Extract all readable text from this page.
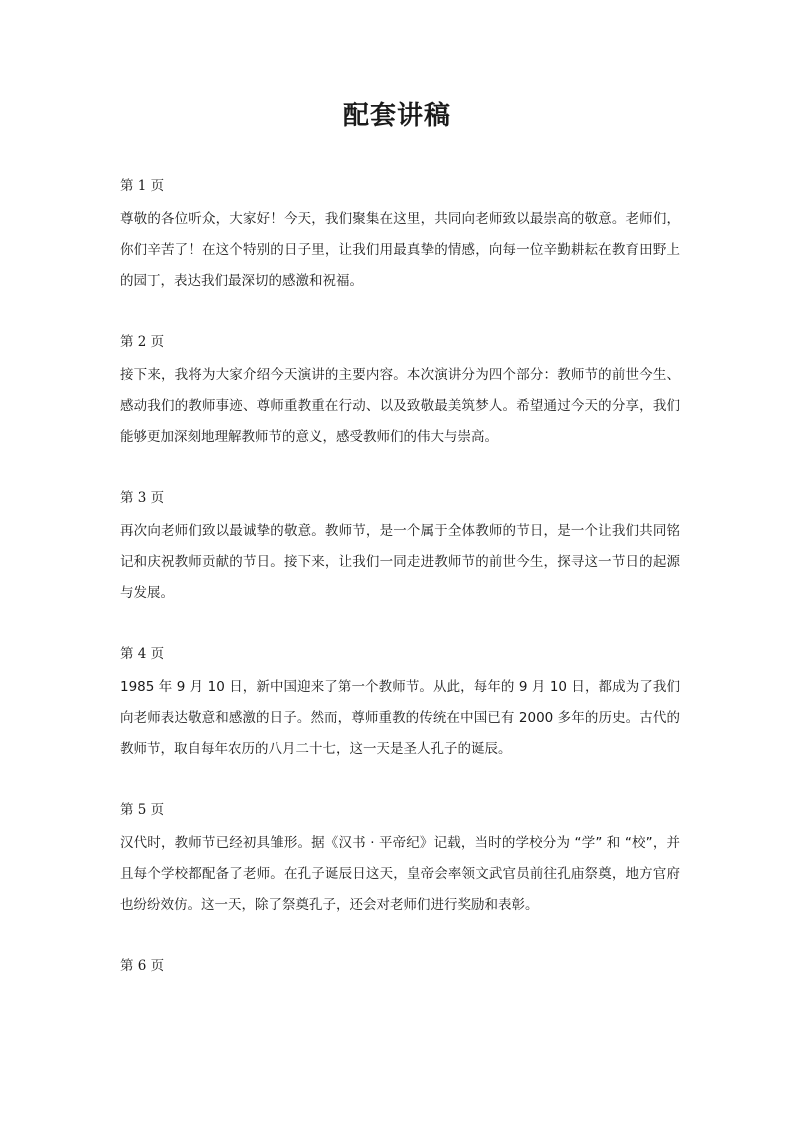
配套讲稿
第 1 页

尊敬的各位听众，大家好！今天，我们聚集在这里，共同向老师致以最崇高的敬意。老师们，你们辛苦了！在这个特别的日子里，让我们用最真挚的情感，向每一位辛勤耕耘在教育田野上的园丁，表达我们最深切的感激和祝福。

第 2 页

接下来，我将为大家介绍今天演讲的主要内容。本次演讲分为四个部分：教师节的前世今生、感动我们的教师事迹、尊师重教重在行动、以及致敬最美筑梦人。希望通过今天的分享，我们能够更加深刻地理解教师节的意义，感受教师们的伟大与崇高。

第 3 页

再次向老师们致以最诚挚的敬意。教师节，是一个属于全体教师的节日，是一个让我们共同铭记和庆祝教师贡献的节日。接下来，让我们一同走进教师节的前世今生，探寻这一节日的起源与发展。

第 4 页

1985 年 9 月 10 日，新中国迎来了第一个教师节。从此，每年的 9 月 10 日，都成为了我们向老师表达敬意和感激的日子。然而，尊师重教的传统在中国已有 2000 多年的历史。古代的教师节，取自每年农历的八月二十七，这一天是圣人孔子的诞辰。

第 5 页

汉代时，教师节已经初具雏形。据《汉书 · 平帝纪》记载，当时的学校分为 “学” 和 “校”，并且每个学校都配备了老师。在孔子诞辰日这天，皇帝会率领文武官员前往孔庙祭奠，地方官府也纷纷效仿。这一天，除了祭奠孔子，还会对老师们进行奖励和表彰。

第 6 页
